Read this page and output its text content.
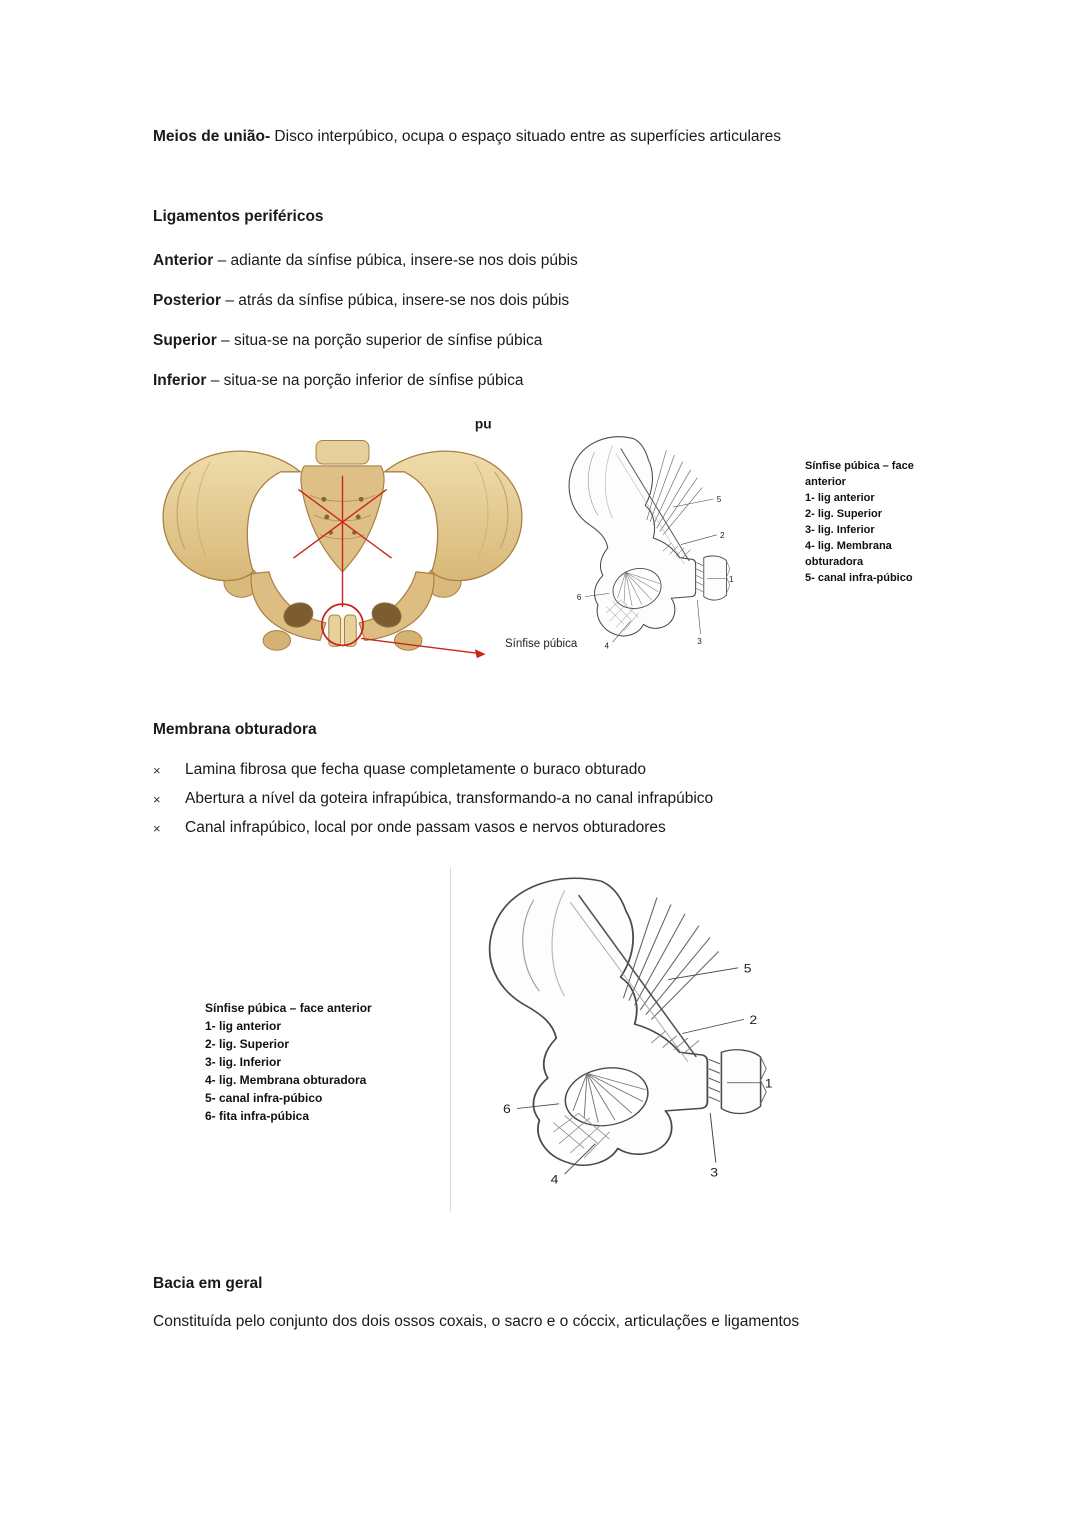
Meios de união- Disco interpúbico, ocupa o espaço situado entre as superfícies articulares

Ligamentos periféricos

Anterior – adiante da sínfise púbica, insere-se nos dois púbis

Posterior – atrás da sínfise púbica, insere-se nos dois púbis

Superior – situa-se na porção superior de sínfise púbica

Inferior – situa-se na porção inferior de sínfise púbica

pu
Sínfise púbica
5
2
1
3
4
6

Sínfise púbica – face anterior

1- lig anterior

2- lig. Superior

3- lig. Inferior

4- lig. Membrana obturadora

5- canal infra-púbico

Membrana obturadora

×	Lamina fibrosa que fecha quase completamente o buraco obturado
×	Abertura a nível da goteira infrapúbica, transformando-a no canal infrapúbico
×	Canal infrapúbico, local por onde passam vasos e nervos obturadores

Sínfise púbica – face anterior

1- lig anterior

2- lig. Superior

3- lig. Inferior

4- lig. Membrana obturadora

5- canal infra-púbico

6- fita infra-púbica

5
2
1
3
4
6

Bacia em geral

Constituída pelo conjunto dos dois ossos coxais, o sacro e o cóccix, articulações e ligamentos
